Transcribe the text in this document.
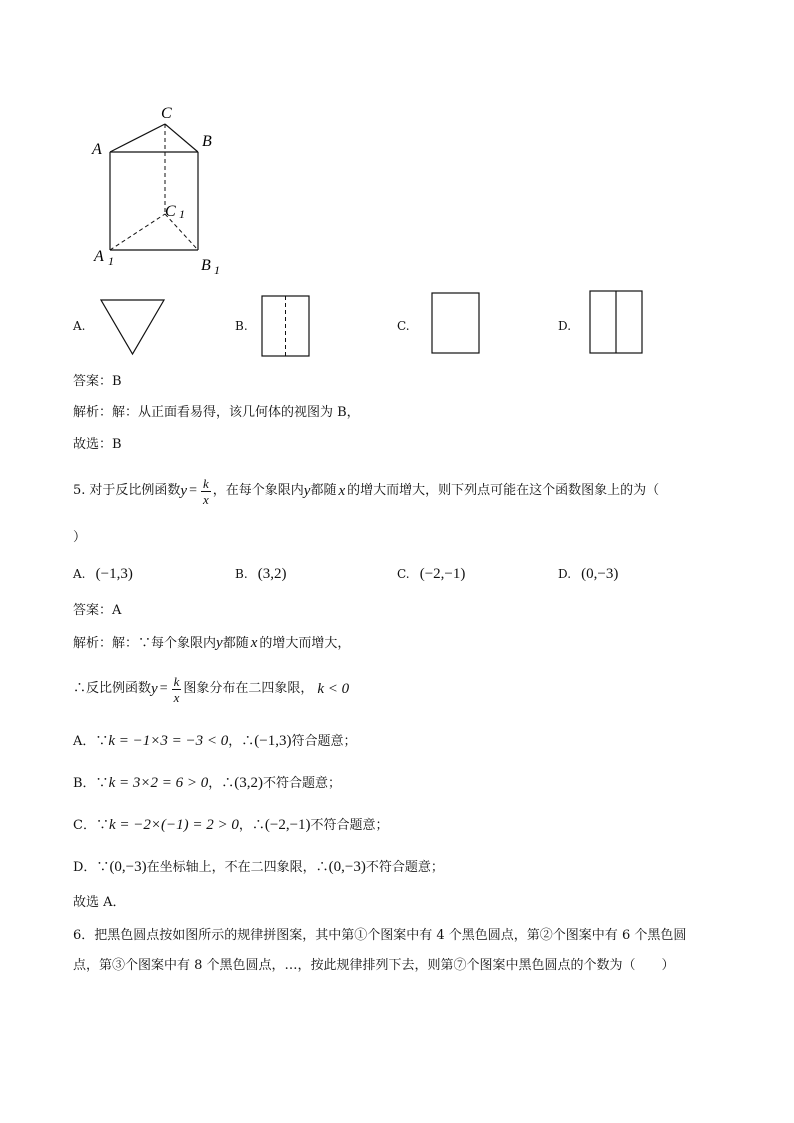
C
A	B
C 1
A 1	B 1
A.	B.	C.	D.
答案：B
解析：解：从正面看易得，该几何体的视图为 B，
故选：B
5. 对于反比例函数 $y = \frac{k}{x}$ ，在每个象限内 y 都随 x 的增大而增大，则下列点可能在这个函数图象上的为（
）
A. (−1,3)	B. (3,2)	C. (−2,−1)	D. (0,−3)
答案：A
解析：解：∵每个象限内y都随 x 的增大而增大，
∴反比例函数 $y = \frac{k}{x}$ 图象分布在二四象限， k < 0
A．∵k = −1×3 = −3 < 0，∴(−1,3)符合题意；
B．∵k = 3×2 = 6 > 0，∴(3,2)不符合题意；
C．∵k = −2×(−1) = 2 > 0，∴(−2,−1)不符合题意；
D．∵(0,−3)在坐标轴上，不在二四象限，∴(0,−3)不符合题意；
故选 A．
6．把黑色圆点按如图所示的规律拼图案，其中第①个图案中有 4 个黑色圆点，第②个图案中有 6 个黑色圆
点，第③个图案中有 8 个黑色圆点，…，按此规律排列下去，则第⑦个图案中黑色圆点的个数为（　　）
